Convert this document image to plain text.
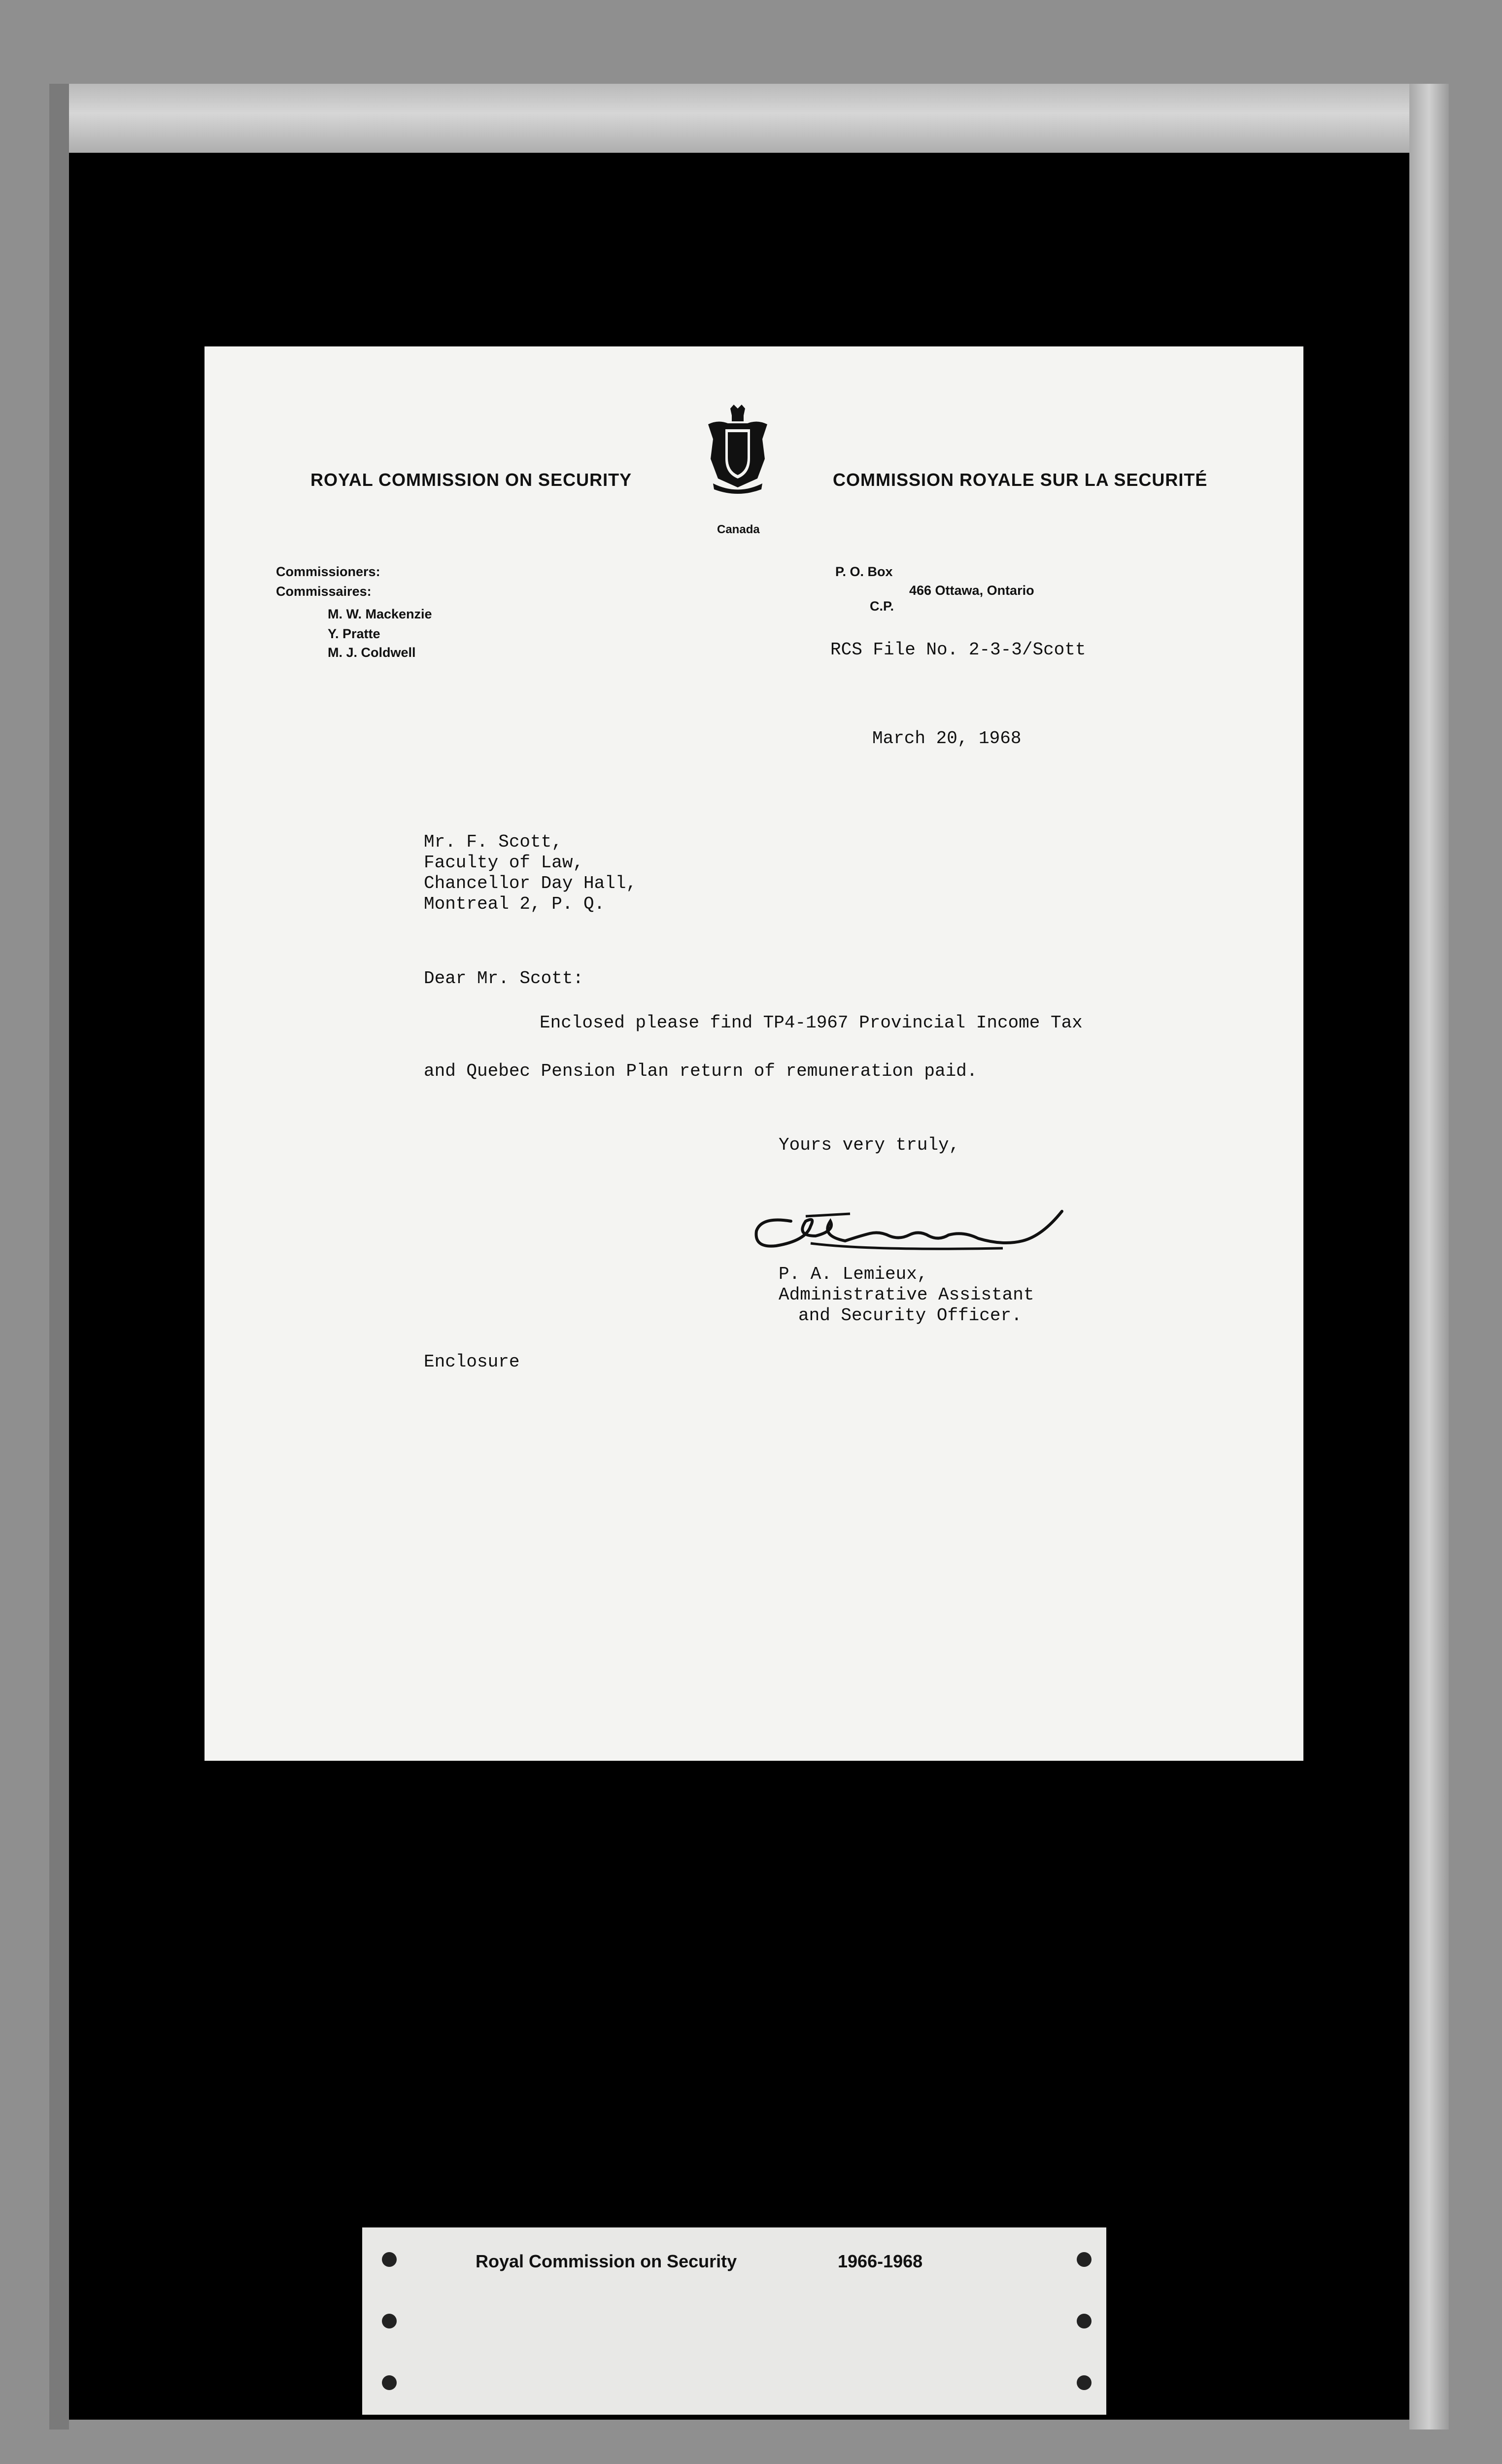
ROYAL COMMISSION ON SECURITY
Canada
COMMISSION ROYALE SUR LA SECURITÉ
Commissioners:
Commissaires:
M. W. Mackenzie
Y. Pratte
M. J. Coldwell
P. O. Box
466 Ottawa, Ontario
C.P.
RCS File No. 2-3-3/Scott
March 20, 1968
Mr. F. Scott,
Faculty of Law,
Chancellor Day Hall,
Montreal 2, P. Q.
Dear Mr. Scott:
Enclosed please find TP4-1967 Provincial Income Tax
and Quebec Pension Plan return of remuneration paid.
Yours very truly,
P. A. Lemieux,
Administrative Assistant
and Security Officer.
Enclosure
Royal Commission on Security	1966-1968
